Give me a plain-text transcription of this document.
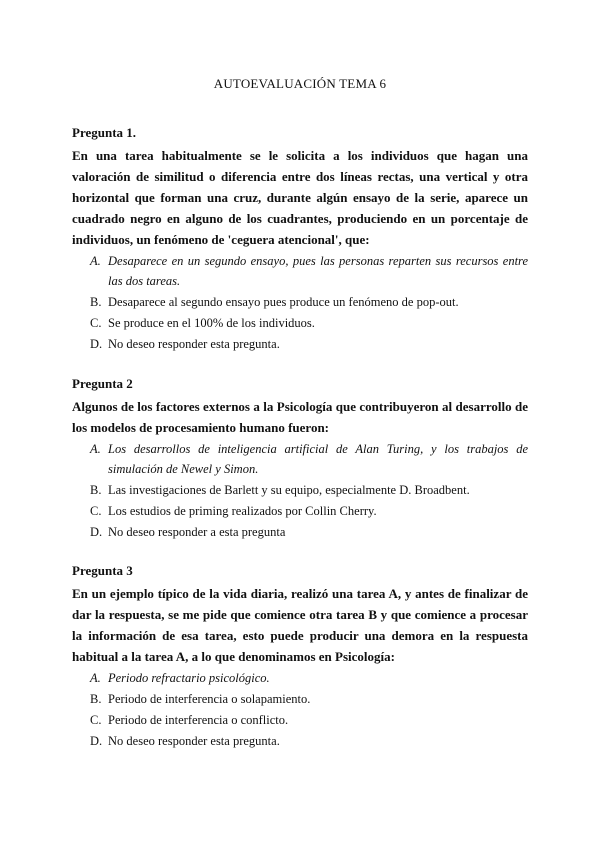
AUTOEVALUACIÓN TEMA 6
Pregunta 1.

En una tarea habitualmente se le solicita a los individuos que hagan una valoración de similitud o diferencia entre dos líneas rectas, una vertical y otra horizontal que forman una cruz, durante algún ensayo de la serie, aparece un cuadrado negro en alguno de los cuadrantes, produciendo en un porcentaje de individuos, un fenómeno de 'ceguera atencional', que:

A. Desaparece en un segundo ensayo, pues las personas reparten sus recursos entre las dos tareas.
B. Desaparece al segundo ensayo pues produce un fenómeno de pop-out.
C. Se produce en el 100% de los individuos.
D. No deseo responder esta pregunta.
Pregunta 2

Algunos de los factores externos a la Psicología que contribuyeron al desarrollo de los modelos de procesamiento humano fueron:

A. Los desarrollos de inteligencia artificial de Alan Turing, y los trabajos de simulación de Newel y Simon.
B. Las investigaciones de Barlett y su equipo, especialmente D. Broadbent.
C. Los estudios de priming realizados por Collin Cherry.
D. No deseo responder a esta pregunta
Pregunta 3

En un ejemplo típico de la vida diaria, realizó una tarea A, y antes de finalizar de dar la respuesta, se me pide que comience otra tarea B y que comience a procesar la información de esa tarea, esto puede producir una demora en la respuesta habitual a la tarea A, a lo que denominamos en Psicología:

A. Periodo refractario psicológico.
B. Periodo de interferencia o solapamiento.
C. Periodo de interferencia o conflicto.
D. No deseo responder esta pregunta.
